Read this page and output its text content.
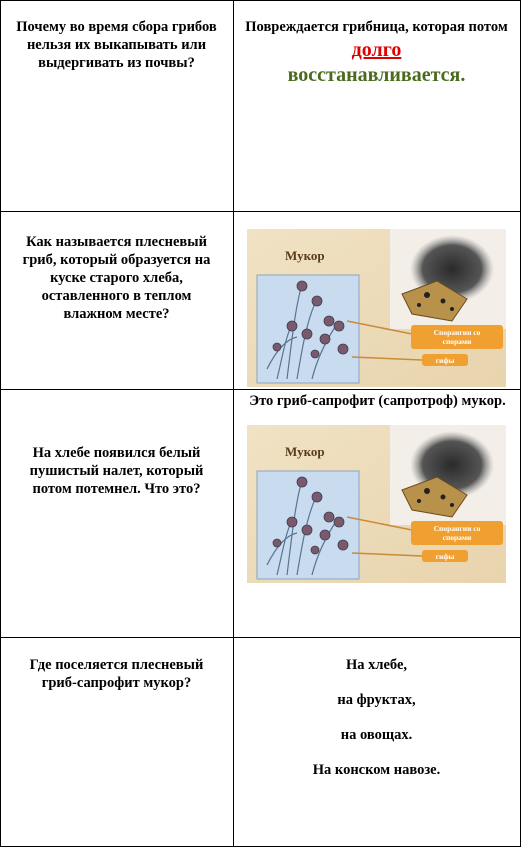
Почему во время сбора грибов нельзя их выкапывать или выдергивать из почвы?
Повреждается грибница, которая потом
долго
восстанавливается.
Как называется плесневый гриб, который образуется на куске старого хлеба, оставленного в теплом влажном месте?
Мукор
Спорангии со
спорами
гифы
На хлебе появился белый пушистый налет, который потом потемнел. Что это?
Это гриб-сапрофит (сапротроф) мукор.
Мукор
Спорангии со
спорами
гифы
Где поселяется плесневый гриб-сапрофит мукор?

На хлебе,

на фруктах,

на овощах.

На конском навозе.
